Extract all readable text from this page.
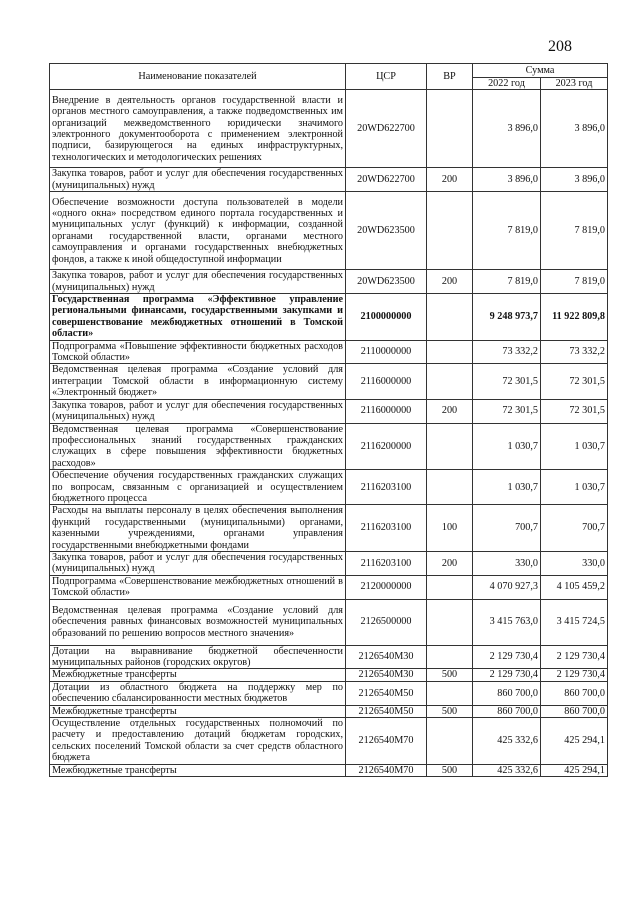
208
Наименование показателей	ЦСР	ВР	Сумма	
			2022 год	2023 год
Внедрение в деятельность органов государственной власти и органов местного самоуправления, а также подведомственных им организаций межведомственного юридически значимого электронного документооборота с применением электронной подписи, базирующегося на единых инфраструктурных, технологических и методологических решениях	20WD622700		3 896,0	3 896,0
Закупка товаров, работ и услуг для обеспечения государственных (муниципальных) нужд	20WD622700	200	3 896,0	3 896,0
Обеспечение возможности доступа пользователей в модели «одного окна» посредством единого портала государственных и муниципальных услуг (функций) к информации, созданной органами государственной власти, органами местного самоуправления и органами государственных внебюджетных фондов, а также к иной общедоступной информации	20WD623500		7 819,0	7 819,0
Закупка товаров, работ и услуг для обеспечения государственных (муниципальных) нужд	20WD623500	200	7 819,0	7 819,0
Государственная программа «Эффективное управление региональными финансами, государственными закупками и совершенствование межбюджетных отношений в Томской области»	2100000000		9 248 973,7	11 922 809,8
Подпрограмма «Повышение эффективности бюджетных расходов Томской области»	2110000000		73 332,2	73 332,2
Ведомственная целевая программа «Создание условий для интеграции Томской области в информационную систему «Электронный бюджет»	2116000000		72 301,5	72 301,5
Закупка товаров, работ и услуг для обеспечения государственных (муниципальных) нужд	2116000000	200	72 301,5	72 301,5
Ведомственная целевая программа «Совершенствование профессиональных знаний государственных гражданских служащих в сфере повышения эффективности бюджетных расходов»	2116200000		1 030,7	1 030,7
Обеспечение обучения государственных гражданских служащих по вопросам, связанным с организацией и осуществлением бюджетного процесса	2116203100		1 030,7	1 030,7
Расходы на выплаты персоналу в целях обеспечения выполнения функций государственными (муниципальными) органами, казенными учреждениями, органами управления государственными внебюджетными фондами	2116203100	100	700,7	700,7
Закупка товаров, работ и услуг для обеспечения государственных (муниципальных) нужд	2116203100	200	330,0	330,0
Подпрограмма «Совершенствование межбюджетных отношений в Томской области»	2120000000		4 070 927,3	4 105 459,2
Ведомственная целевая программа «Создание условий для обеспечения равных финансовых возможностей муниципальных образований по решению вопросов местного значения»	2126500000		3 415 763,0	3 415 724,5
Дотации на выравнивание бюджетной обеспеченности муниципальных районов (городских округов)	2126540М30		2 129 730,4	2 129 730,4
Межбюджетные трансферты	2126540М30	500	2 129 730,4	2 129 730,4
Дотации из областного бюджета на поддержку мер по обеспечению сбалансированности местных бюджетов	2126540М50		860 700,0	860 700,0
Межбюджетные трансферты	2126540М50	500	860 700,0	860 700,0
Осуществление отдельных государственных полномочий по расчету и предоставлению дотаций бюджетам городских, сельских поселений Томской области за счет средств областного бюджета	2126540М70		425 332,6	425 294,1
Межбюджетные трансферты	2126540М70	500	425 332,6	425 294,1
